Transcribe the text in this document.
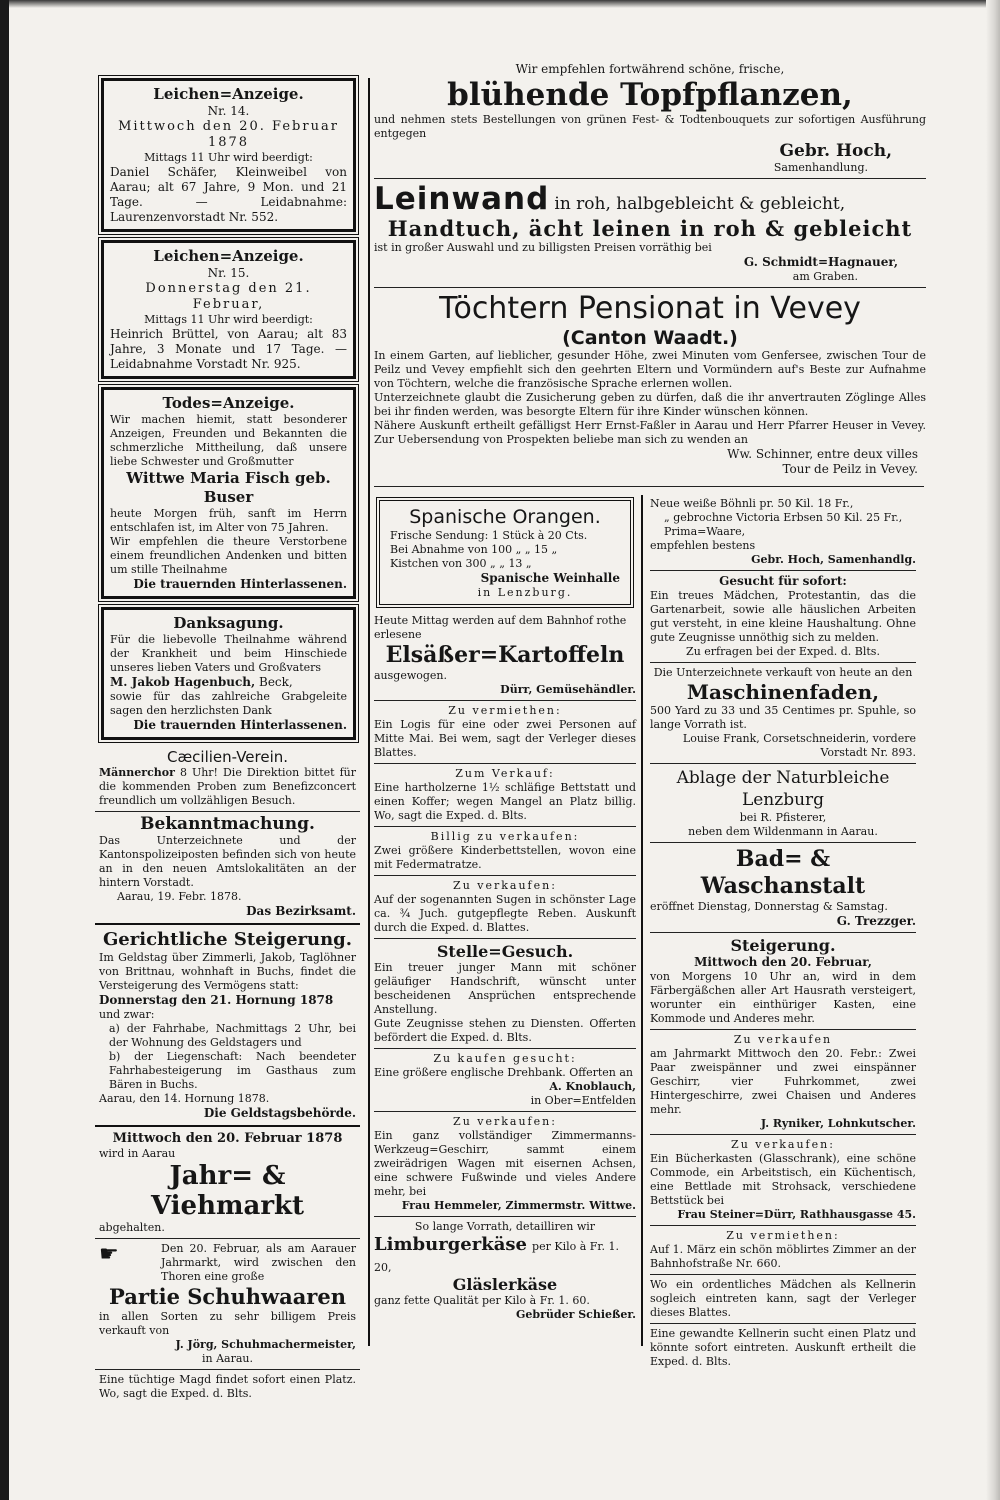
Leichen=Anzeige.
Nr. 14.
Mittwoch den 20. Februar 1878
Mittags 11 Uhr wird beerdigt:
Daniel Schäfer, Kleinweibel von Aarau; alt 67 Jahre, 9 Mon. und 21 Tage. — Leidabnahme: Laurenzenvorstadt Nr. 552.
Leichen=Anzeige.
Nr. 15.
Donnerstag den 21. Februar,
Mittags 11 Uhr wird beerdigt:
Heinrich Brüttel, von Aarau; alt 83 Jahre, 3 Monate und 17 Tage. — Leidabnahme Vorstadt Nr. 925.
Todes=Anzeige.
Wir machen hiemit, statt besonderer Anzeigen, Freunden und Bekannten die schmerzliche Mittheilung, daß unsere liebe Schwester und Großmutter
Wittwe Maria Fisch geb. Buser
heute Morgen früh, sanft im Herrn entschlafen ist, im Alter von 75 Jahren.
Wir empfehlen die theure Verstorbene einem freundlichen Andenken und bitten um stille Theilnahme
Die trauernden Hinterlassenen.
Danksagung.
Für die liebevolle Theilnahme während der Krankheit und beim Hinschiede unseres lieben Vaters und Großvaters
M. Jakob Hagenbuch, Beck,
sowie für das zahlreiche Grabgeleite sagen den herzlichsten Dank
Die trauernden Hinterlassenen.
Cæcilien-Verein.
Männerchor 8 Uhr! Die Direktion bittet für die kommenden Proben zum Benefizconcert freundlich um vollzähligen Besuch.
Bekanntmachung.
Das Unterzeichnete und der Kantonspolizeiposten befinden sich von heute an in den neuen Amtslokalitäten an der hintern Vorstadt.
Aarau, 19. Febr. 1878.
Das Bezirksamt.
Gerichtliche Steigerung.
Im Geldstag über Zimmerli, Jakob, Taglöhner von Brittnau, wohnhaft in Buchs, findet die Versteigerung des Vermögens statt:
Donnerstag den 21. Hornung 1878
und zwar:
a) der Fahrhabe, Nachmittags 2 Uhr, bei der Wohnung des Geldstagers und
b) der Liegenschaft: Nach beendeter Fahrhabesteigerung im Gasthaus zum Bären in Buchs.
Aarau, den 14. Hornung 1878.
Die Geldstagsbehörde.
Mittwoch den 20. Februar 1878
wird in Aarau
Jahr= & Viehmarkt
abgehalten.
☛	Den 20. Februar, als am Aarauer Jahrmarkt, wird zwischen den Thoren eine große
Partie Schuhwaaren
in allen Sorten zu sehr billigem Preis verkauft von
J. Jörg, Schuhmachermeister,
in Aarau.
Eine tüchtige Magd findet sofort einen Platz. Wo, sagt die Exped. d. Blts.
Wir empfehlen fortwährend schöne, frische,
blühende Topfpflanzen,
und nehmen stets Bestellungen von grünen Fest- & Todtenbouquets zur sofortigen Ausführung entgegen
Gebr. Hoch,
Samenhandlung.
Leinwand in roh, halbgebleicht & gebleicht,
Handtuch, ächt leinen in roh & gebleicht
ist in großer Auswahl und zu billigsten Preisen vorräthig bei
G. Schmidt=Hagnauer,
am Graben.
Töchtern Pensionat in Vevey
(Canton Waadt.)
In einem Garten, auf lieblicher, gesunder Höhe, zwei Minuten vom Genfersee, zwischen Tour de Peilz und Vevey empfiehlt sich den geehrten Eltern und Vormündern auf's Beste zur Aufnahme von Töchtern, welche die französische Sprache erlernen wollen.
Unterzeichnete glaubt die Zusicherung geben zu dürfen, daß die ihr anvertrauten Zöglinge Alles bei ihr finden werden, was besorgte Eltern für ihre Kinder wünschen können.
Nähere Auskunft ertheilt gefälligst Herr Ernst-Faßler in Aarau und Herr Pfarrer Heuser in Vevey. Zur Uebersendung von Prospekten beliebe man sich zu wenden an
Ww. Schinner, entre deux villes
Tour de Peilz in Vevey.
Spanische Orangen.
Frische Sendung: 1 Stück à 20 Cts.
Bei Abnahme von 100 „ „ 15 „
Kistchen von 300 „ „ 13 „
Spanische Weinhalle
in Lenzburg.
Heute Mittag werden auf dem Bahnhof rothe erlesene
Elsäßer=Kartoffeln
ausgewogen.
Dürr, Gemüsehändler.
Zu vermiethen:
Ein Logis für eine oder zwei Personen auf Mitte Mai. Bei wem, sagt der Verleger dieses Blattes.
Zum Verkauf:
Eine hartholzerne 1½ schläfige Bettstatt und einen Koffer; wegen Mangel an Platz billig. Wo, sagt die Exped. d. Blts.
Billig zu verkaufen:
Zwei größere Kinderbettstellen, wovon eine mit Federmatratze.
Zu verkaufen:
Auf der sogenannten Sugen in schönster Lage ca. ¾ Juch. gutgepflegte Reben. Auskunft durch die Exped. d. Blattes.
Stelle=Gesuch.
Ein treuer junger Mann mit schöner geläufiger Handschrift, wünscht unter bescheidenen Ansprüchen entsprechende Anstellung.
Gute Zeugnisse stehen zu Diensten. Offerten befördert die Exped. d. Blts.
Zu kaufen gesucht:
Eine größere englische Drehbank. Offerten an
A. Knoblauch,
in Ober=Entfelden
Zu verkaufen:
Ein ganz vollständiger Zimmermanns-Werkzeug=Geschirr, sammt einem zweirädrigen Wagen mit eisernen Achsen, eine schwere Fußwinde und vieles Andere mehr, bei
Frau Hemmeler, Zimmermstr. Wittwe.
So lange Vorrath, detailliren wir
Limburgerkäse per Kilo à Fr. 1. 20,
Gläslerkäse
ganz fette Qualität per Kilo à Fr. 1. 60.
Gebrüder Schießer.
Neue weiße Böhnli pr. 50 Kil. 18 Fr.,
„ gebrochne Victoria Erbsen 50 Kil. 25 Fr., Prima=Waare,
empfehlen bestens
Gebr. Hoch, Samenhandlg.
Gesucht für sofort:
Ein treues Mädchen, Protestantin, das die Gartenarbeit, sowie alle häuslichen Arbeiten gut versteht, in eine kleine Haushaltung. Ohne gute Zeugnisse unnöthig sich zu melden.
Zu erfragen bei der Exped. d. Blts.
Die Unterzeichnete verkauft von heute an den
Maschinenfaden,
500 Yard zu 33 und 35 Centimes pr. Spuhle, so lange Vorrath ist.
Louise Frank, Corsetschneiderin, vordere Vorstadt Nr. 893.
Ablage der Naturbleiche Lenzburg
bei R. Pfisterer,
neben dem Wildenmann in Aarau.
Bad= & Waschanstalt
eröffnet Dienstag, Donnerstag & Samstag.
G. Trezzger.
Steigerung.
Mittwoch den 20. Februar,
von Morgens 10 Uhr an, wird in dem Färbergäßchen aller Art Hausrath versteigert, worunter ein einthüriger Kasten, eine Kommode und Anderes mehr.
Zu verkaufen
am Jahrmarkt Mittwoch den 20. Febr.: Zwei Paar zweispänner und zwei einspänner Geschirr, vier Fuhrkommet, zwei Hintergeschirre, zwei Chaisen und Anderes mehr.
J. Ryniker, Lohnkutscher.
Zu verkaufen:
Ein Bücherkasten (Glasschrank), eine schöne Commode, ein Arbeitstisch, ein Küchentisch, eine Bettlade mit Strohsack, verschiedene Bettstück bei
Frau Steiner=Dürr, Rathhausgasse 45.
Zu vermiethen:
Auf 1. März ein schön möblirtes Zimmer an der Bahnhofstraße Nr. 660.
Wo ein ordentliches Mädchen als Kellnerin sogleich eintreten kann, sagt der Verleger dieses Blattes.
Eine gewandte Kellnerin sucht einen Platz und könnte sofort eintreten. Auskunft ertheilt die Exped. d. Blts.
